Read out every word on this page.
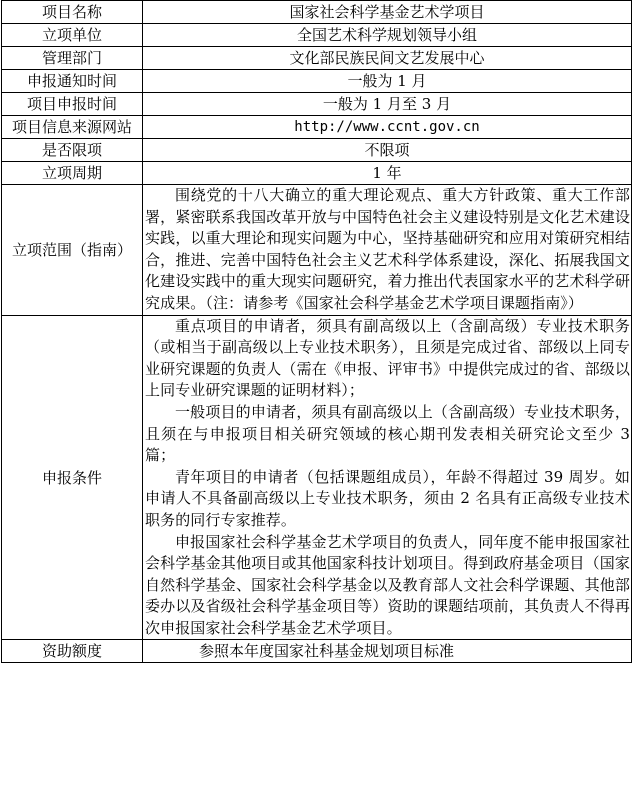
项目名称	国家社会科学基金艺术学项目
立项单位	全国艺术科学规划领导小组
管理部门	文化部民族民间文艺发展中心
申报通知时间	一般为 1 月
项目申报时间	一般为 1 月至 3 月
项目信息来源网站	http://www.ccnt.gov.cn
是否限项	不限项
立项周期	1 年
立项范围（指南）	围绕党的十八大确立的重大理论观点、重大方针政策、重大工作部署，紧密联系我国改革开放与中国特色社会主义建设特别是文化艺术建设实践，以重大理论和现实问题为中心，坚持基础研究和应用对策研究相结合，推进、完善中国特色社会主义艺术科学体系建设，深化、拓展我国文化建设实践中的重大现实问题研究，着力推出代表国家水平的艺术科学研究成果。（注：请参考《国家社会科学基金艺术学项目课题指南》）

申报条件	重点项目的申请者，须具有副高级以上（含副高级）专业技术职务（或相当于副高级以上专业技术职务），且须是完成过省、部级以上同专业研究课题的负责人（需在《申报、评审书》中提供完成过的省、部级以上同专业研究课题的证明材料）；

一般项目的申请者，须具有副高级以上（含副高级）专业技术职务，且须在与申报项目相关研究领域的核心期刊发表相关研究论文至少 3 篇；

青年项目的申请者（包括课题组成员），年龄不得超过 39 周岁。如申请人不具备副高级以上专业技术职务，须由 2 名具有正高级专业技术职务的同行专家推荐。

申报国家社会科学基金艺术学项目的负责人，同年度不能申报国家社会科学基金其他项目或其他国家科技计划项目。得到政府基金项目（国家自然科学基金、国家社会科学基金以及教育部人文社会科学课题、其他部委办以及省级社会科学基金项目等）资助的课题结项前，其负责人不得再次申报国家社会科学基金艺术学项目。

资助额度	参照本年度国家社科基金规划项目标准
